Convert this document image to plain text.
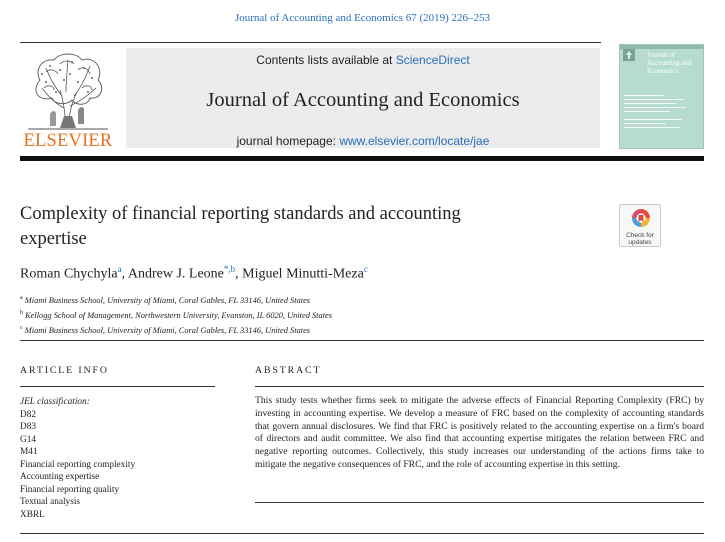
Journal of Accounting and Economics 67 (2019) 226–253
ELSEVIER
Contents lists available at ScienceDirect
Journal of Accounting and Economics
journal homepage: www.elsevier.com/locate/jae
Journal of Accounting and Economics
Complexity of financial reporting standards and accounting
expertise	Check for
updates
Roman Chychyla$^a$, Andrew J. Leone$^{*,b}$, Miguel Minutti-Meza$^c$
$^a$ Miami Business School, University of Miami, Coral Gables, FL 33146, United States
$^b$ Kellogg School of Management, Northwestern University, Evanston, IL 6020, United States
$^c$ Miami Business School, University of Miami, Coral Gables, FL 33146, United States
ARTICLE INFO	ABSTRACT
JEL classification:
D82
D83
G14
M41
Financial reporting complexity
Accounting expertise
Financial reporting quality
Textual analysis
XBRL
This study tests whether firms seek to mitigate the adverse effects of Financial Reporting Complexity (FRC) by investing in accounting expertise. We develop a measure of FRC based on the complexity of accounting standards that govern annual disclosures. We find that FRC is positively related to the accounting expertise on a firm's board of directors and audit committee. We also find that accounting expertise mitigates the relation between FRC and negative reporting outcomes. Collectively, this study increases our understanding of the actions firms take to mitigate the negative consequences of FRC, and the role of accounting expertise in this setting.
